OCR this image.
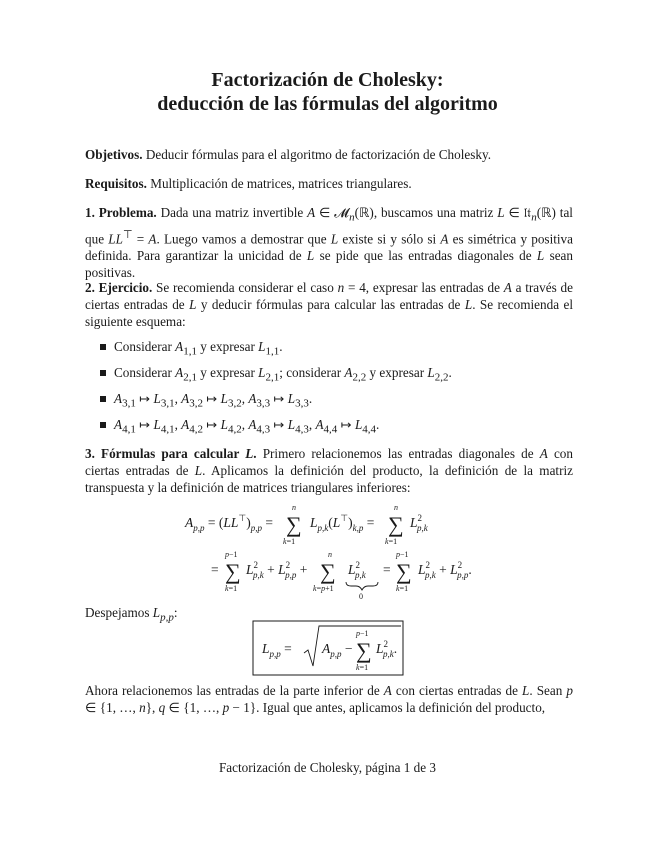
Factorización de Cholesky:
deducción de las fórmulas del algoritmo
Objetivos. Deducir fórmulas para el algoritmo de factorización de Cholesky.
Requisitos. Multiplicación de matrices, matrices triangulares.
1. Problema. Dada una matriz invertible A ∈ 𝓜$_n$(ℝ), buscamos una matriz L ∈ 𝔩𝔱$_n$(ℝ) tal que LL⊤ = A. Luego vamos a demostrar que L existe si y sólo si A es simétrica y positiva definida. Para garantizar la unicidad de L se pide que las entradas diagonales de L sean positivas.
2. Ejercicio. Se recomienda considerar el caso n = 4, expresar las entradas de A a través de ciertas entradas de L y deducir fórmulas para calcular las entradas de L. Se recomienda el siguiente esquema:
Considerar $A_{1,1}$ y expresar $L_{1,1}$.
Considerar $A_{2,1}$ y expresar $L_{2,1}$; considerar $A_{2,2}$ y expresar $L_{2,2}$.
$A_{3,1}$ ↦ $L_{3,1}$, $A_{3,2}$ ↦ $L_{3,2}$, $A_{3,3}$ ↦ $L_{3,3}$.
$A_{4,1}$ ↦ $L_{4,1}$, $A_{4,2}$ ↦ $L_{4,2}$, $A_{4,3}$ ↦ $L_{4,3}$, $A_{4,4}$ ↦ $L_{4,4}$.
3. Fórmulas para calcular L. Primero relacionemos las entradas diagonales de A con ciertas entradas de L. Aplicamos la definición del producto, la definición de la matriz transpuesta y la definición de matrices triangulares inferiores:
$A_{p,p} = (LL^⊤)_{p,p}$ = ∑
n
k=1
$L_{p,k}(L^⊤)_{k,p}$ = ∑
n
k=1
$L^2$ p,k
= ∑
p−1
k=1
$L^2$ $p,k + L^2$ p,p + ∑
n
k=p+1
$L^2$ p,k
0
= ∑
p−1
k=1
$L^2$ $p,k + L^2$ p,p.
Despejamos $L_{p,p}$:
$L_{p,p} = A_{p,p}$ − ∑
p−1
k=1
$L^2$ p,k.
Ahora relacionemos las entradas de la parte inferior de A con ciertas entradas de L. Sean p ∈ {1, …, n}, q ∈ {1, …, p − 1}. Igual que antes, aplicamos la definición del producto,
Factorización de Cholesky, página 1 de 3
